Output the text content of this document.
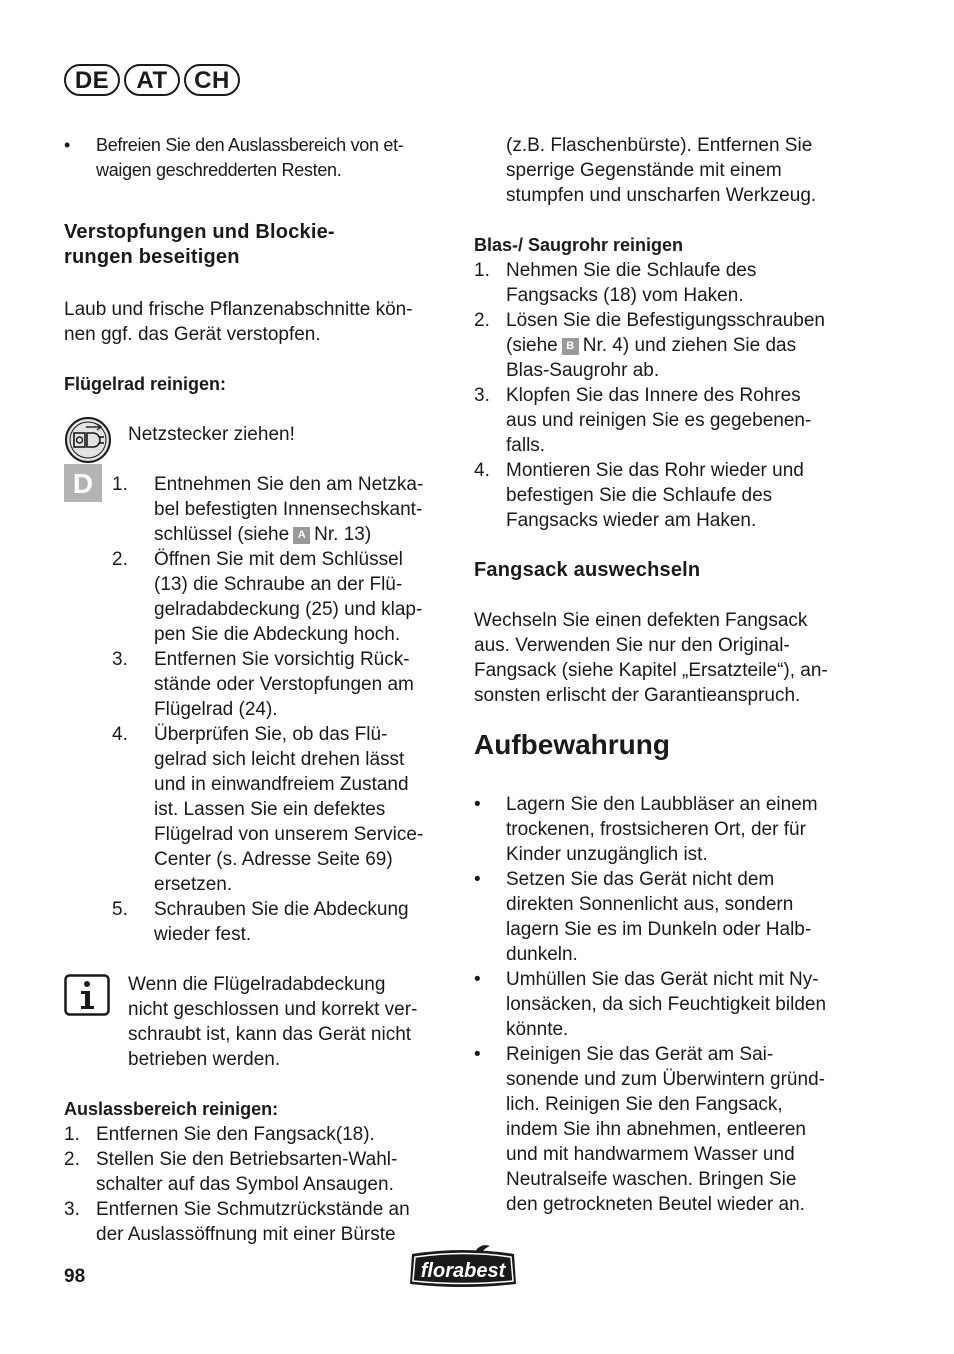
DE	AT	CH
D
• Befreien Sie den Auslassbereich von et-

waigen geschredderten Resten.

Verstopfungen und Blockie-

rungen beseitigen

Laub und frische Pflanzenabschnitte kön-

nen ggf. das Gerät verstopfen.

Flügelrad reinigen:

Netzstecker ziehen!

1. Entnehmen Sie den am Netzka-

bel befestigten Innensechskant-

schlüssel (siehe A Nr. 13)

2. Öffnen Sie mit dem Schlüssel

(13) die Schraube an der Flü-

gelradabdeckung (25) und klap-

pen Sie die Abdeckung hoch.

3. Entfernen Sie vorsichtig Rück-

stände oder Verstopfungen am

Flügelrad (24).

4. Überprüfen Sie, ob das Flü-

gelrad sich leicht drehen lässt

und in einwandfreiem Zustand

ist. Lassen Sie ein defektes

Flügelrad von unserem Service-

Center (s. Adresse Seite 69)

ersetzen.

5. Schrauben Sie die Abdeckung

wieder fest.

Wenn die Flügelradabdeckung

nicht geschlossen und korrekt ver-

schraubt ist, kann das Gerät nicht

betrieben werden.

Auslassbereich reinigen:
1. Entfernen Sie den Fangsack(18).

2. Stellen Sie den Betriebsarten-Wahl-

schalter auf das Symbol Ansaugen.

3. Entfernen Sie Schmutzrückstände an

der Auslassöffnung mit einer Bürste

(z.B. Flaschenbürste). Entfernen Sie

sperrige Gegenstände mit einem

stumpfen und unscharfen Werkzeug.

Blas-/ Saugrohr reinigen
1. Nehmen Sie die Schlaufe des

Fangsacks (18) vom Haken.

2. Lösen Sie die Befestigungsschrauben

(siehe B Nr. 4) und ziehen Sie das

Blas-Saugrohr ab.

3. Klopfen Sie das Innere des Rohres

aus und reinigen Sie es gegebenen-

falls.

4. Montieren Sie das Rohr wieder und

befestigen Sie die Schlaufe des

Fangsacks wieder am Haken.

Fangsack auswechseln

Wechseln Sie einen defekten Fangsack

aus. Verwenden Sie nur den Original-

Fangsack (siehe Kapitel „Ersatzteile“), an-

sonsten erlischt der Garantieanspruch.

Aufbewahrung
• Lagern Sie den Laubbläser an einem

trockenen, frostsicheren Ort, der für

Kinder unzugänglich ist.

• Setzen Sie das Gerät nicht dem

direkten Sonnenlicht aus, sondern

lagern Sie es im Dunkeln oder Halb-

dunkeln.

• Umhüllen Sie das Gerät nicht mit Ny-

lonsäcken, da sich Feuchtigkeit bilden

könnte.

• Reinigen Sie das Gerät am Sai-

sonende und zum Überwintern gründ-

lich. Reinigen Sie den Fangsack,

indem Sie ihn abnehmen, entleeren

und mit handwarmem Wasser und

Neutralseife waschen. Bringen Sie

den getrockneten Beutel wieder an.

98	florabest
